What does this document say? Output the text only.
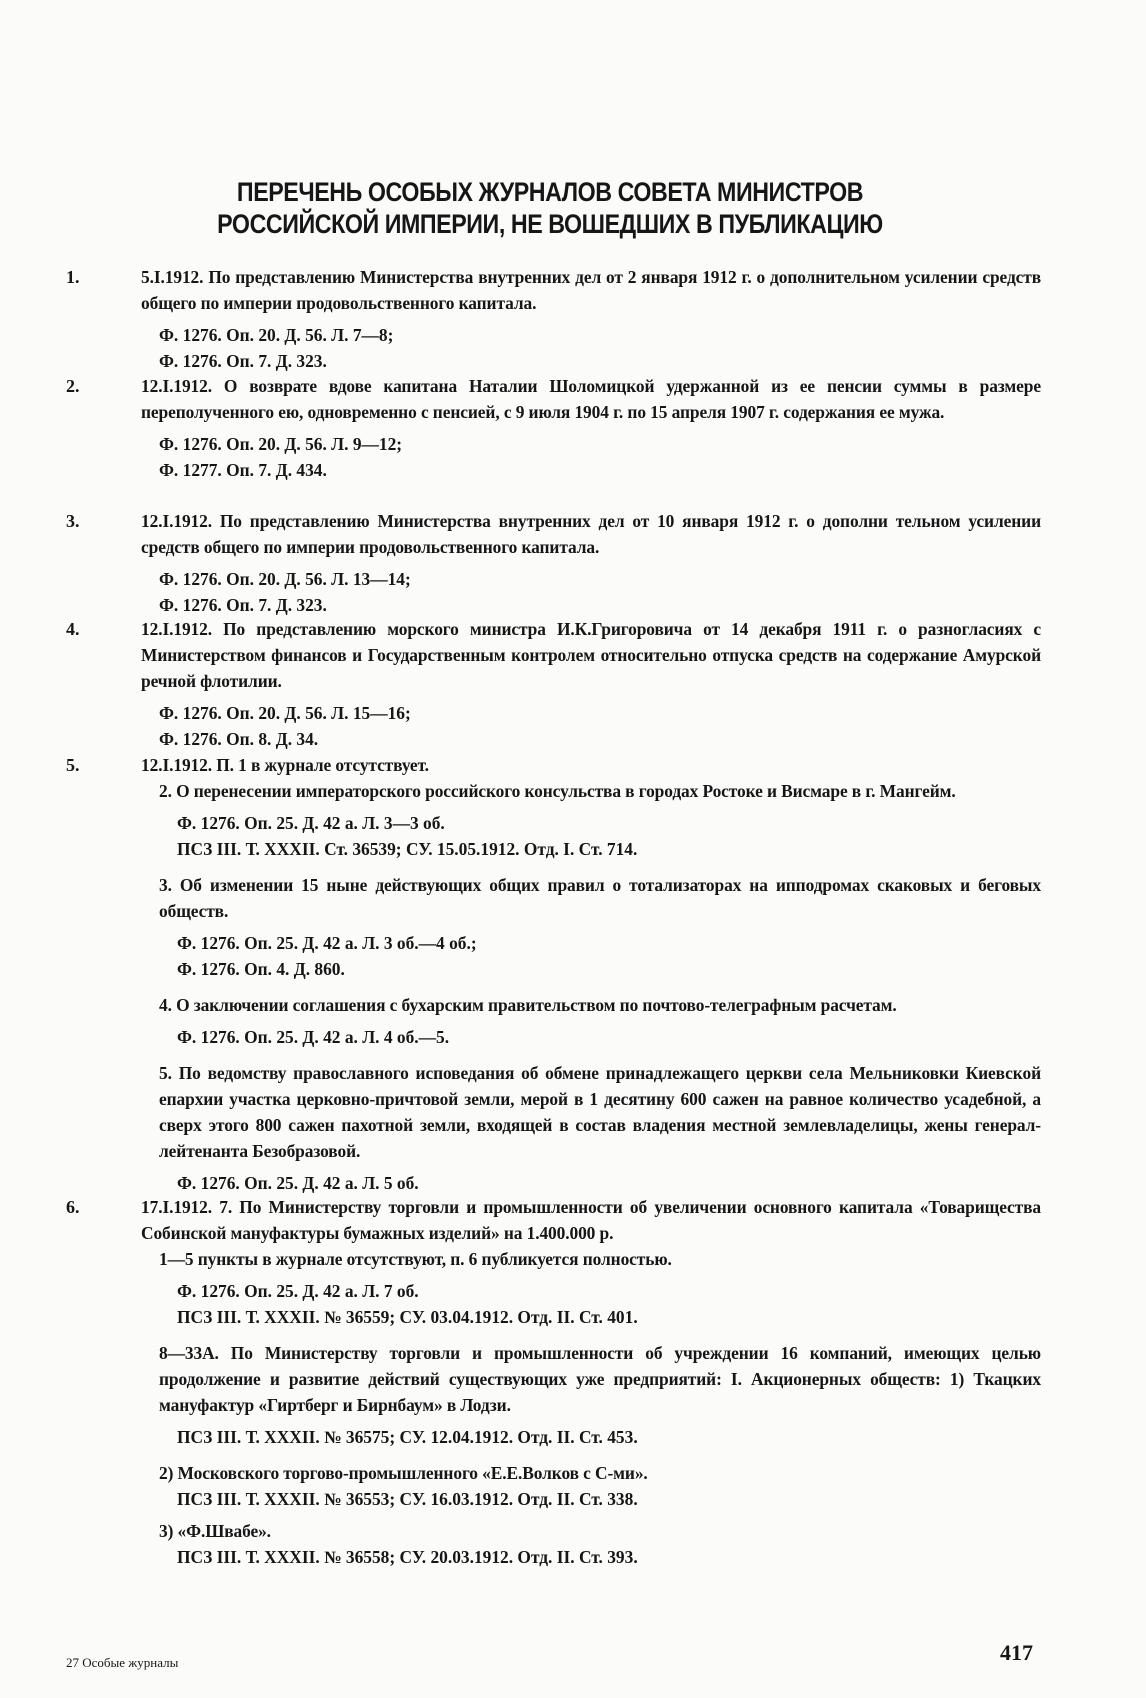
ПЕРЕЧЕНЬ ОСОБЫХ ЖУРНАЛОВ СОВЕТА МИНИСТРОВ
РОССИЙСКОЙ ИМПЕРИИ, НЕ ВОШЕДШИХ В ПУБЛИКАЦИЮ
1.	5.I.1912. По представлению Министерства внутренних дел от 2 января 1912 г. о дополнительном усилении средств общего по империи продовольственного капитала.

Ф. 1276. Оп. 20. Д. 56. Л. 7—8;

Ф. 1276. Оп. 7. Д. 323.

2.	12.I.1912. О возврате вдове капитана Наталии Шоломицкой удержанной из ее пенсии суммы в размере переполученного ею, одновременно с пенсией, с 9 июля 1904 г. по 15 апреля 1907 г. содержания ее мужа.

Ф. 1276. Оп. 20. Д. 56. Л. 9—12;

Ф. 1277. Оп. 7. Д. 434.

3.	12.I.1912. По представлению Министерства внутренних дел от 10 января 1912 г. о дополни тельном усилении средств общего по империи продовольственного капитала.

Ф. 1276. Оп. 20. Д. 56. Л. 13—14;

Ф. 1276. Оп. 7. Д. 323.

4.	12.I.1912. По представлению морского министра И.К.Григоровича от 14 декабря 1911 г. о разногласиях с Министерством финансов и Государственным контролем относительно отпуска средств на содержание Амурской речной флотилии.

Ф. 1276. Оп. 20. Д. 56. Л. 15—16;

Ф. 1276. Оп. 8. Д. 34.

5.	12.I.1912. П. 1 в журнале отсутствует.

2. О перенесении императорского российского консульства в городах Ростоке и Висмаре в г. Мангейм.

Ф. 1276. Оп. 25. Д. 42 а. Л. 3—3 об.

ПСЗ III. Т. XXXII. Ст. 36539; СУ. 15.05.1912. Отд. I. Ст. 714.

3. Об изменении 15 ныне действующих общих правил о тотализаторах на ипподромах скаковых и беговых обществ.

Ф. 1276. Оп. 25. Д. 42 а. Л. 3 об.—4 об.;

Ф. 1276. Оп. 4. Д. 860.

4. О заключении соглашения с бухарским правительством по почтово-телеграфным расчетам.

Ф. 1276. Оп. 25. Д. 42 а. Л. 4 об.—5.

5. По ведомству православного исповедания об обмене принадлежащего церкви села Мельниковки Киевской епархии участка церковно-причтовой земли, мерой в 1 десятину 600 сажен на равное количество усадебной, а сверх этого 800 сажен пахотной земли, входящей в состав владения местной землевладелицы, жены генерал-лейтенанта Безобразовой.

Ф. 1276. Оп. 25. Д. 42 а. Л. 5 об.

6.	17.I.1912. 7. По Министерству торговли и промышленности об увеличении основного капитала «Товарищества Собинской мануфактуры бумажных изделий» на 1.400.000 р.

1—5 пункты в журнале отсутствуют, п. 6 публикуется полностью.

Ф. 1276. Оп. 25. Д. 42 а. Л. 7 об.

ПСЗ III. Т. XXXII. № 36559; СУ. 03.04.1912. Отд. II. Ст. 401.

8—33А. По Министерству торговли и промышленности об учреждении 16 компаний, имеющих целью продолжение и развитие действий существующих уже предприятий: I. Акционерных обществ: 1) Ткацких мануфактур «Гиртберг и Бирнбаум» в Лодзи.

ПСЗ III. Т. XXXII. № 36575; СУ. 12.04.1912. Отд. II. Ст. 453.

2) Московского торгово-промышленного «Е.Е.Волков с С-ми».

ПСЗ III. Т. XXXII. № 36553; СУ. 16.03.1912. Отд. II. Ст. 338.

3) «Ф.Швабе».

ПСЗ III. Т. XXXII. № 36558; СУ. 20.03.1912. Отд. II. Ст. 393.

27 Особые журналы	417
